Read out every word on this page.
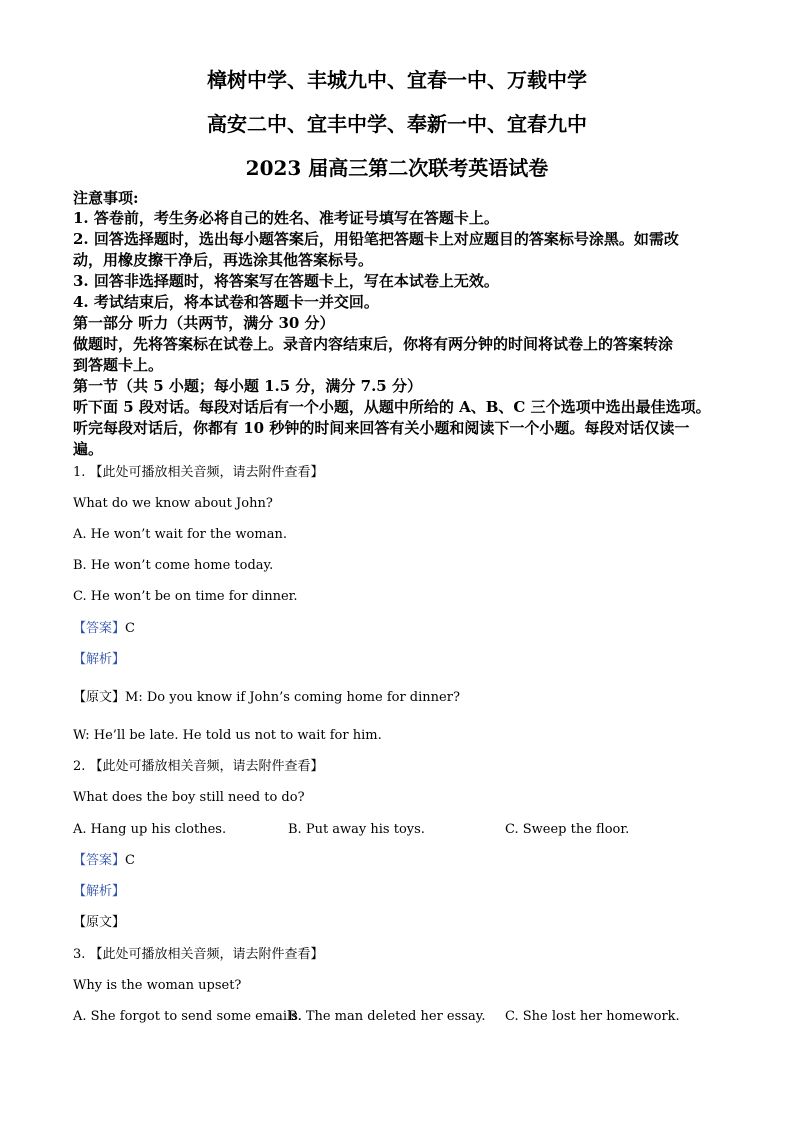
樟树中学、丰城九中、宜春一中、万载中学
高安二中、宜丰中学、奉新一中、宜春九中
2023 届高三第二次联考英语试卷
注意事项:
1. 答卷前，考生务必将自己的姓名、准考证号填写在答题卡上。
2. 回答选择题时，选出每小题答案后，用铅笔把答题卡上对应题目的答案标号涂黑。如需改
动，用橡皮擦干净后，再选涂其他答案标号。
3. 回答非选择题时，将答案写在答题卡上，写在本试卷上无效。
4. 考试结束后，将本试卷和答题卡一并交回。
第一部分 听力（共两节，满分 30 分）
做题时，先将答案标在试卷上。录音内容结束后，你将有两分钟的时间将试卷上的答案转涂
到答题卡上。
第一节（共 5 小题；每小题 1.5 分，满分 7.5 分）
听下面 5 段对话。每段对话后有一个小题，从题中所给的 A、B、C 三个选项中选出最佳选项。
听完每段对话后，你都有 10 秒钟的时间来回答有关小题和阅读下一个小题。每段对话仅读一
遍。
1. 【此处可播放相关音频，请去附件查看】
What do we know about John?
A. He won’t wait for the woman.
B. He won’t come home today.
C. He won’t be on time for dinner.
【答案】C
【解析】
【原文】M: Do you know if John’s coming home for dinner?
W: He’ll be late. He told us not to wait for him.
2. 【此处可播放相关音频，请去附件查看】
What does the boy still need to do?
A. Hang up his clothes.	B. Put away his toys.	C. Sweep the floor.
【答案】C
【解析】
【原文】
3. 【此处可播放相关音频，请去附件查看】
Why is the woman upset?
A. She forgot to send some emails.
B. The man deleted her essay. C. She lost her homework.
